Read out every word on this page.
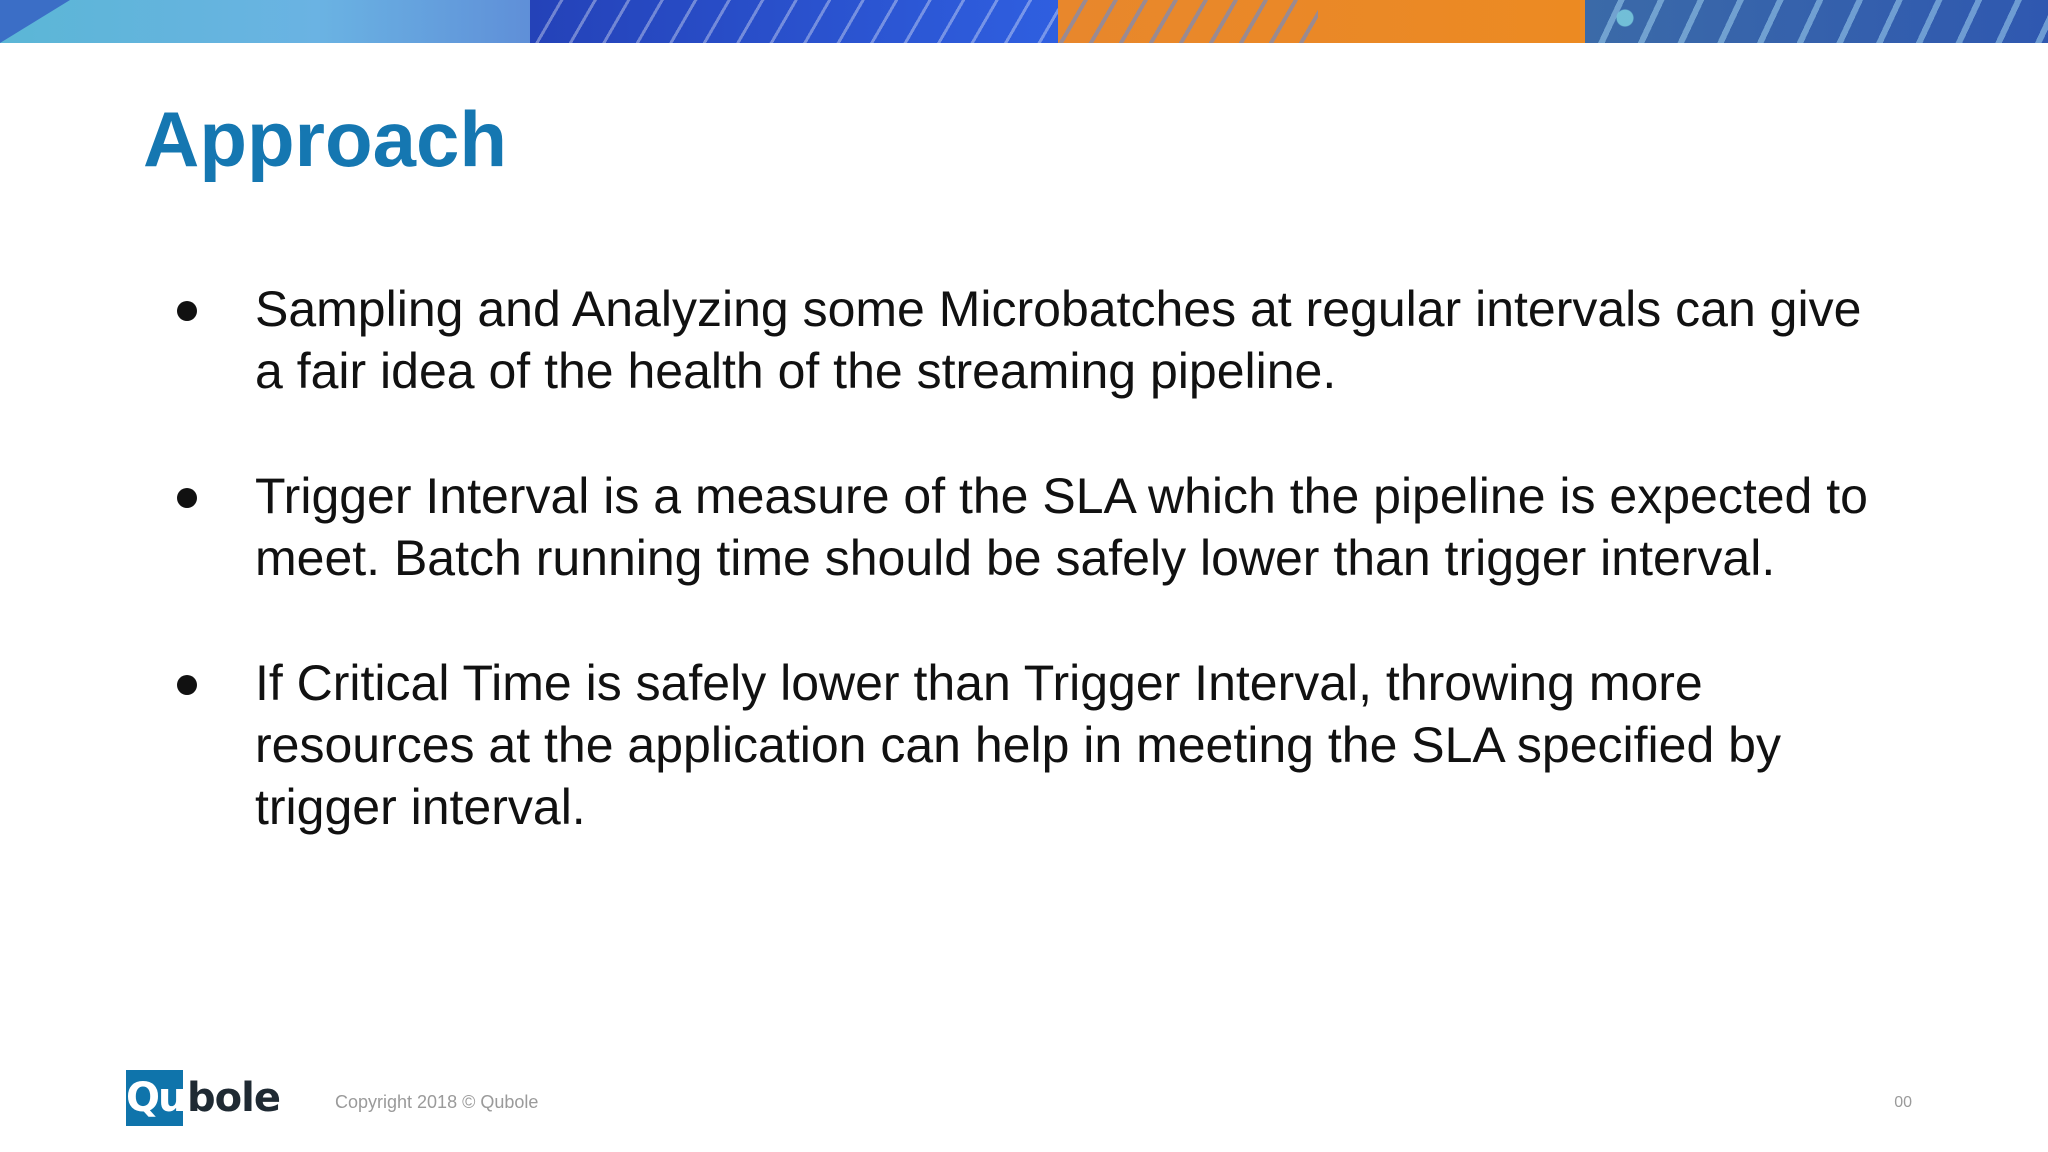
Approach
Sampling and Analyzing some Microbatches at regular intervals can give a fair idea of the health of the streaming pipeline.
Trigger Interval is a measure of the SLA which the pipeline is expected to meet. Batch running time should be safely lower than trigger interval.
If Critical Time is safely lower than Trigger Interval, throwing more resources at the application can help in meeting the SLA specified by trigger interval.
Qu bole	Copyright 2018 © Qubole	00
